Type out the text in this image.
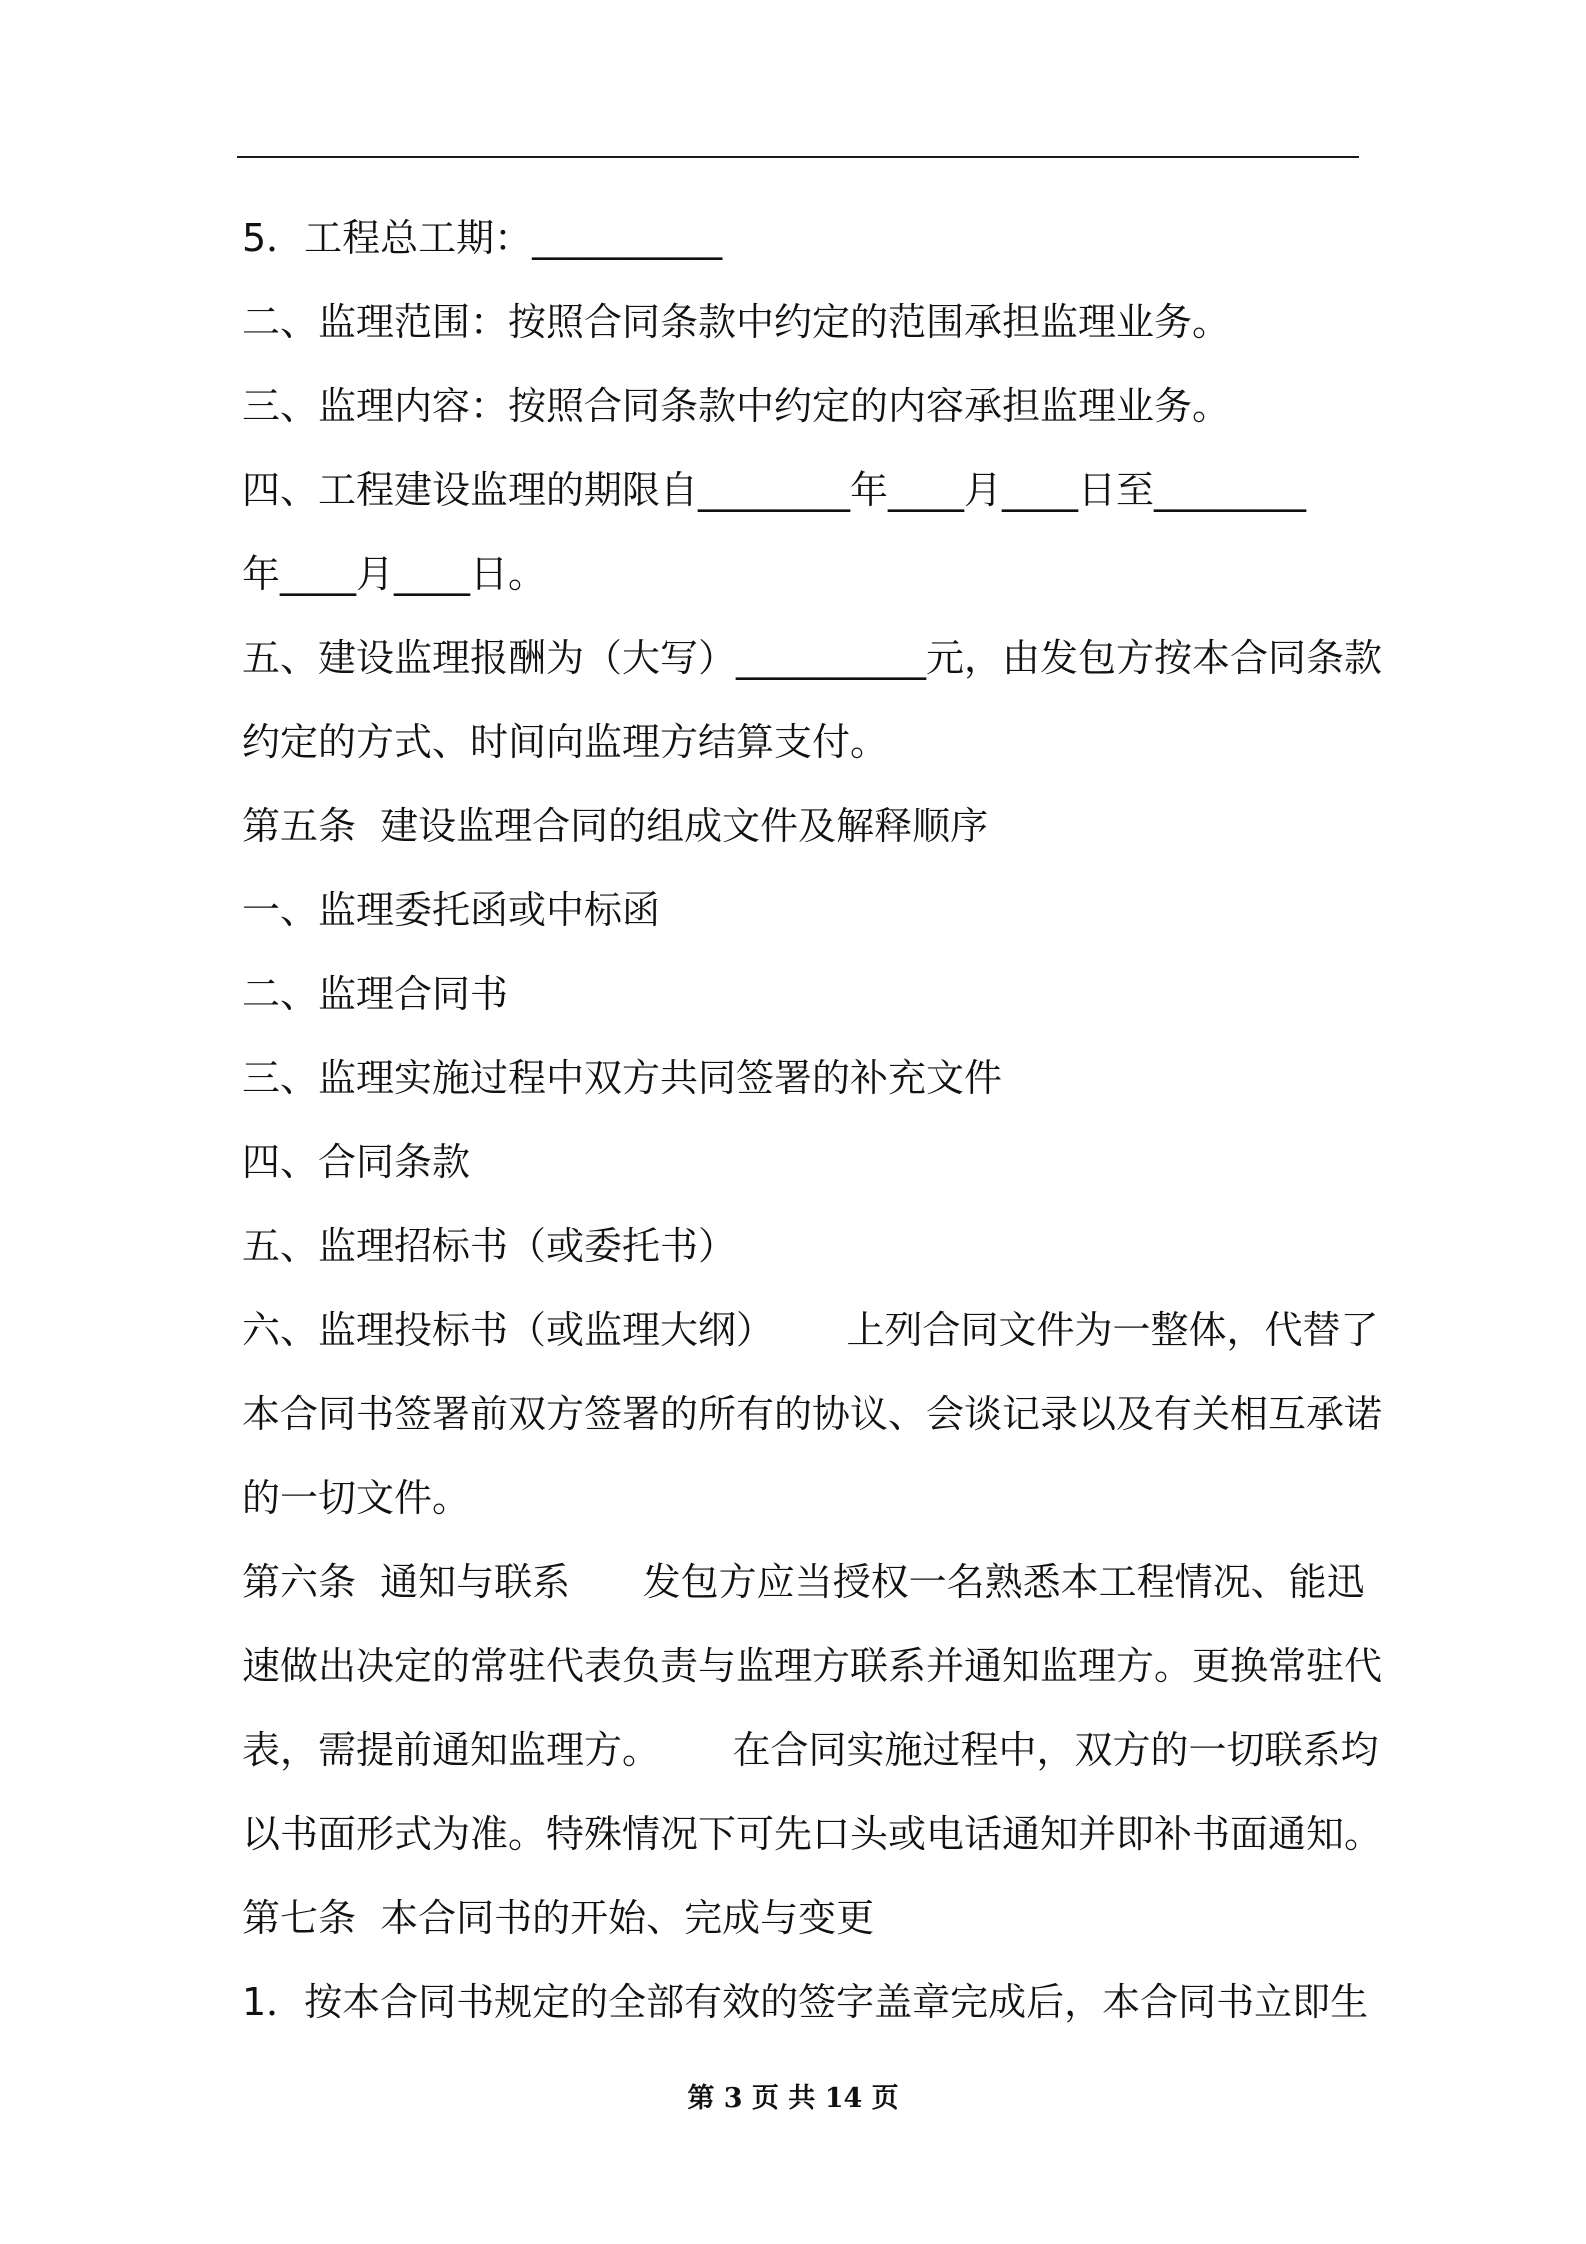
5．工程总工期：__________
二、监理范围：按照合同条款中约定的范围承担监理业务。
三、监理内容：按照合同条款中约定的内容承担监理业务。
四、工程建设监理的期限自________年____月____日至________
年____月____日。
五、建设监理报酬为（大写）__________元，由发包方按本合同条款
约定的方式、时间向监理方结算支付。
第五条  建设监理合同的组成文件及解释顺序
一、监理委托函或中标函
二、监理合同书
三、监理实施过程中双方共同签署的补充文件
四、合同条款
五、监理招标书（或委托书）
六、监理投标书（或监理大纲）      上列合同文件为一整体，代替了
本合同书签署前双方签署的所有的协议、会谈记录以及有关相互承诺
的一切文件。
第六条  通知与联系      发包方应当授权一名熟悉本工程情况、能迅
速做出决定的常驻代表负责与监理方联系并通知监理方。更换常驻代
表，需提前通知监理方。      在合同实施过程中，双方的一切联系均
以书面形式为准。特殊情况下可先口头或电话通知并即补书面通知。
第七条  本合同书的开始、完成与变更
1．按本合同书规定的全部有效的签字盖章完成后，本合同书立即生
第 3 页 共 14 页
